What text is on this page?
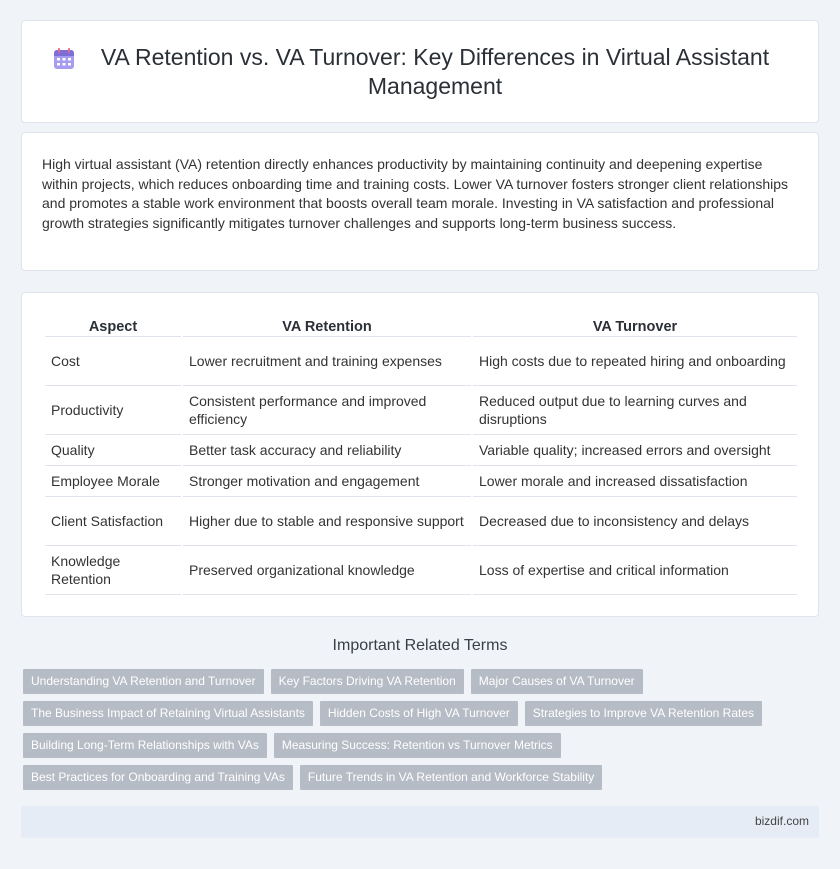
VA Retention vs. VA Turnover: Key Differences in Virtual Assistant Management

High virtual assistant (VA) retention directly enhances productivity by maintaining continuity and deepening expertise within projects, which reduces onboarding time and training costs. Lower VA turnover fosters stronger client relationships and promotes a stable work environment that boosts overall team morale. Investing in VA satisfaction and professional growth strategies significantly mitigates turnover challenges and supports long-term business success.

Aspect	VA Retention	VA Turnover
Cost	Lower recruitment and training expenses	High costs due to repeated hiring and onboarding
Productivity	Consistent performance and improved efficiency	Reduced output due to learning curves and disruptions
Quality	Better task accuracy and reliability	Variable quality; increased errors and oversight
Employee Morale	Stronger motivation and engagement	Lower morale and increased dissatisfaction
Client Satisfaction	Higher due to stable and responsive support	Decreased due to inconsistency and delays
Knowledge Retention	Preserved organizational knowledge	Loss of expertise and critical information
Important Related Terms
Understanding VA Retention and Turnover	Key Factors Driving VA Retention	Major Causes of VA Turnover
The Business Impact of Retaining Virtual Assistants	Hidden Costs of High VA Turnover	Strategies to Improve VA Retention Rates
Building Long-Term Relationships with VAs	Measuring Success: Retention vs Turnover Metrics
Best Practices for Onboarding and Training VAs	Future Trends in VA Retention and Workforce Stability
bizdif.com
